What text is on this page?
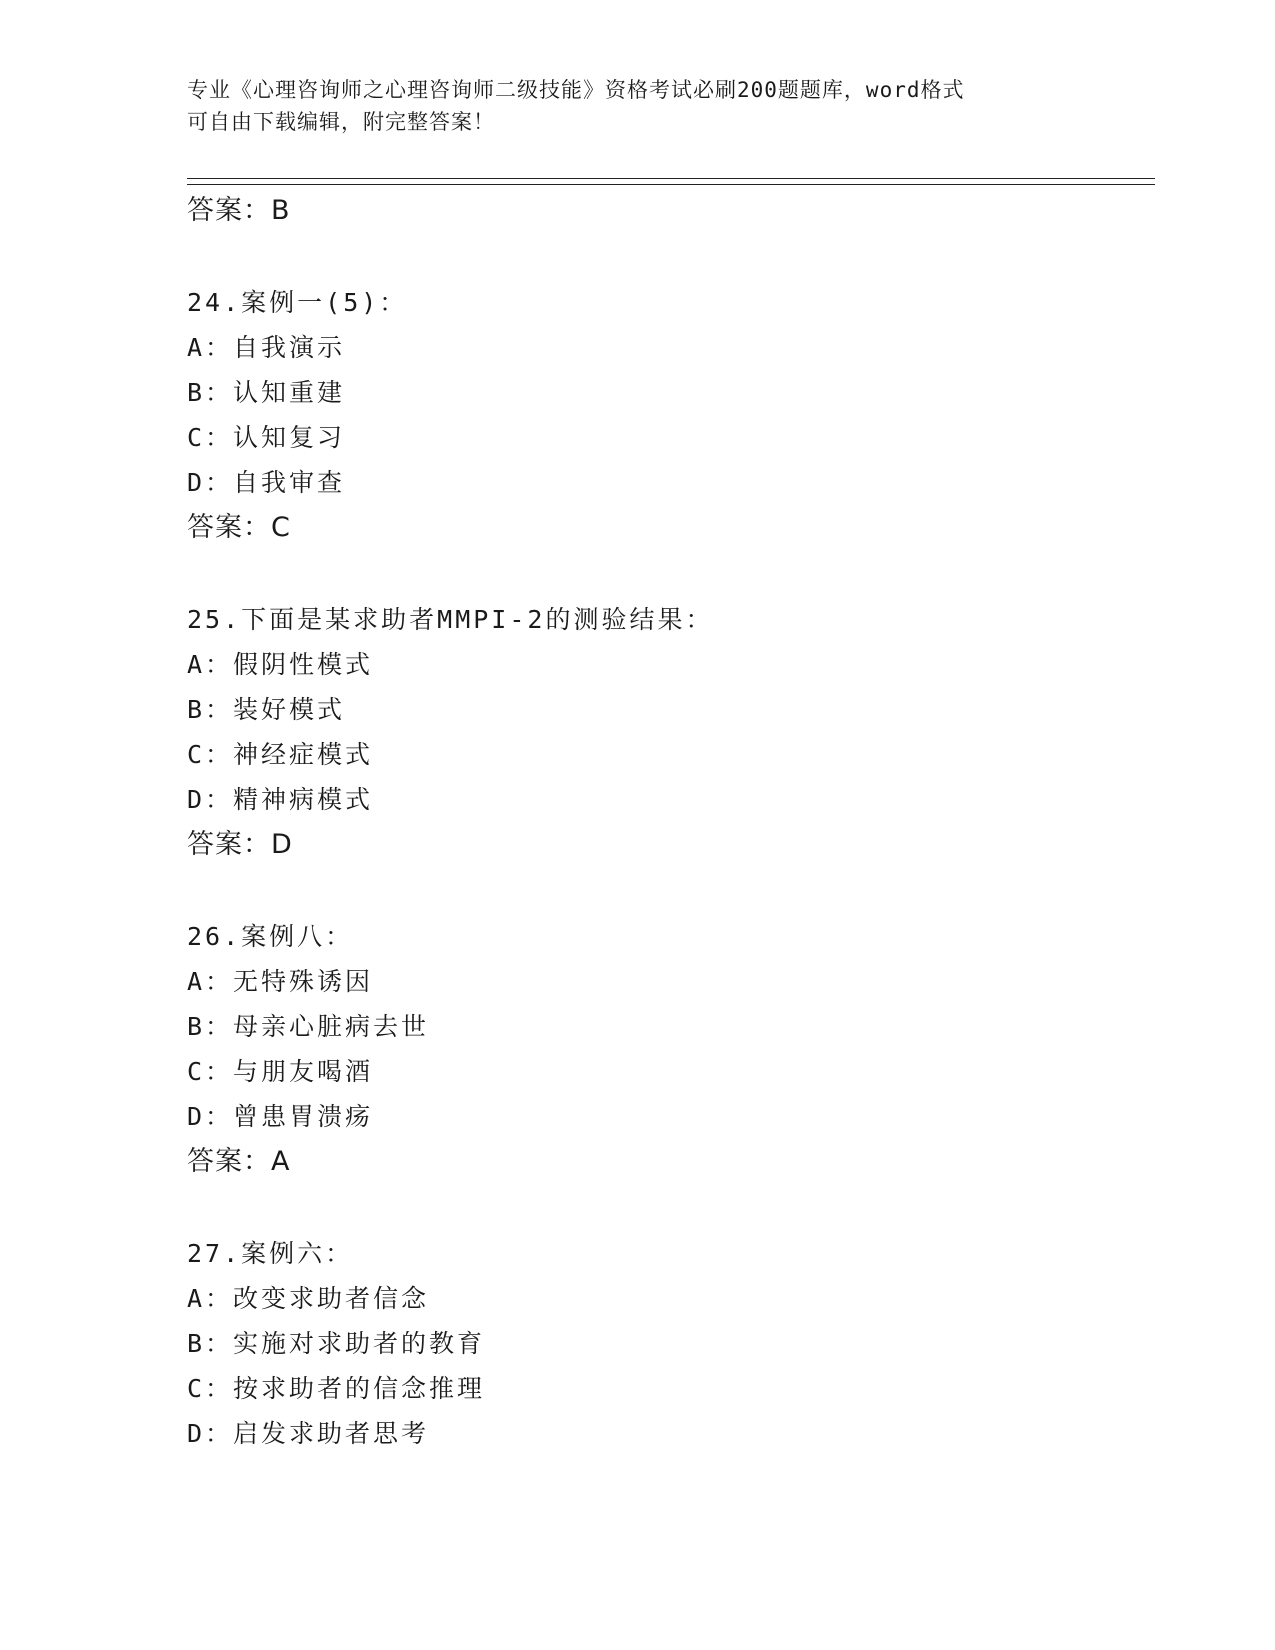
专业《心理咨询师之心理咨询师二级技能》资格考试必刷200题题库，word格式
可自由下载编辑，附完整答案！
答案：B
24.案例一(5)：
A：自我演示
B：认知重建
C：认知复习
D：自我审查
答案：C
25.下面是某求助者MMPI-2的测验结果：
A：假阴性模式
B：装好模式
C：神经症模式
D：精神病模式
答案：D
26.案例八：
A：无特殊诱因
B：母亲心脏病去世
C：与朋友喝酒
D：曾患胃溃疡
答案：A
27.案例六：
A：改变求助者信念
B：实施对求助者的教育
C：按求助者的信念推理
D：启发求助者思考
